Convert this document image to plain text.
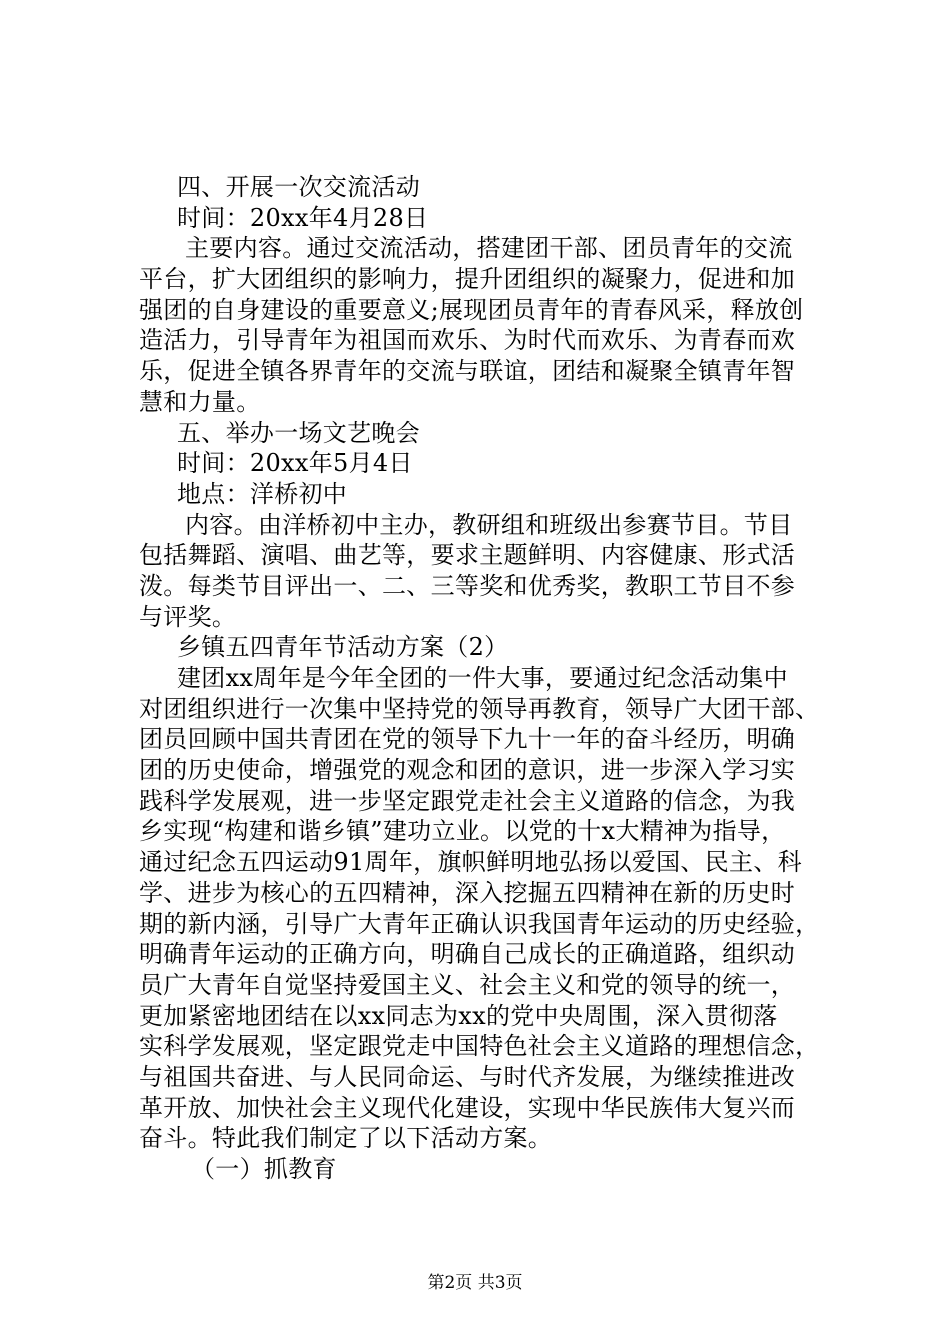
四、开展一次交流活动
时间：20xx年4月28日
主要内容。通过交流活动，搭建团干部、团员青年的交流
平台，扩大团组织的影响力，提升团组织的凝聚力，促进和加
强团的自身建设的重要意义;展现团员青年的青春风采，释放创
造活力，引导青年为祖国而欢乐、为时代而欢乐、为青春而欢
乐，促进全镇各界青年的交流与联谊，团结和凝聚全镇青年智
慧和力量。
五、举办一场文艺晚会
时间：20xx年5月4日
地点：洋桥初中
内容。由洋桥初中主办，教研组和班级出参赛节目。节目
包括舞蹈、演唱、曲艺等，要求主题鲜明、内容健康、形式活
泼。每类节目评出一、二、三等奖和优秀奖，教职工节目不参
与评奖。
乡镇五四青年节活动方案（2）
建团xx周年是今年全团的一件大事，要通过纪念活动集中
对团组织进行一次集中坚持党的领导再教育，领导广大团干部、
团员回顾中国共青团在党的领导下九十一年的奋斗经历，明确
团的历史使命，增强党的观念和团的意识，进一步深入学习实
践科学发展观，进一步坚定跟党走社会主义道路的信念，为我
乡实现“构建和谐乡镇”建功立业。以党的十x大精神为指导，
通过纪念五四运动91周年，旗帜鲜明地弘扬以爱国、民主、科
学、进步为核心的五四精神，深入挖掘五四精神在新的历史时
期的新内涵，引导广大青年正确认识我国青年运动的历史经验，
明确青年运动的正确方向，明确自己成长的正确道路，组织动
员广大青年自觉坚持爱国主义、社会主义和党的领导的统一，
更加紧密地团结在以xx同志为xx的党中央周围，深入贯彻落
实科学发展观，坚定跟党走中国特色社会主义道路的理想信念，
与祖国共奋进、与人民同命运、与时代齐发展，为继续推进改
革开放、加快社会主义现代化建设，实现中华民族伟大复兴而
奋斗。特此我们制定了以下活动方案。
（一）抓教育
第2页 共3页
